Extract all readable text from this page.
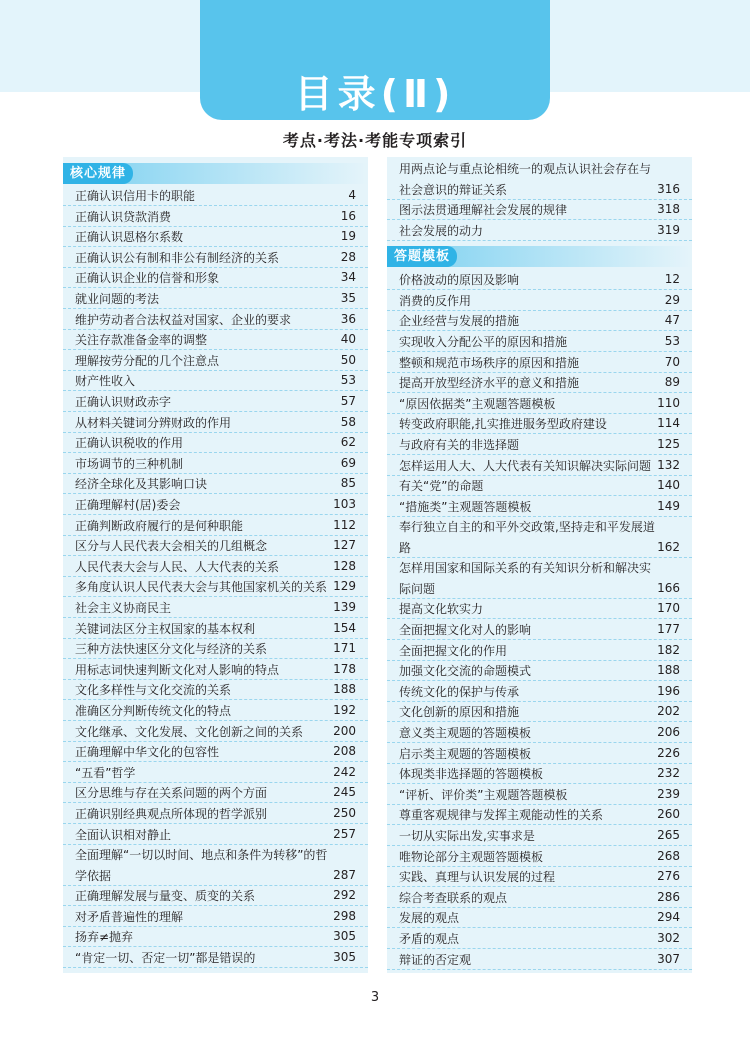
目录(Ⅱ)
考点·考法·考能专项索引
核心规律
正确认识信用卡的职能	4
正确认识贷款消费	16
正确认识恩格尔系数	19
正确认识公有制和非公有制经济的关系	28
正确认识企业的信誉和形象	34
就业问题的考法	35
维护劳动者合法权益对国家、企业的要求	36
关注存款准备金率的调整	40
理解按劳分配的几个注意点	50
财产性收入	53
正确认识财政赤字	57
从材料关键词分辨财政的作用	58
正确认识税收的作用	62
市场调节的三种机制	69
经济全球化及其影响口诀	85
正确理解村(居)委会	103
正确判断政府履行的是何种职能	112
区分与人民代表大会相关的几组概念	127
人民代表大会与人民、人大代表的关系	128
多角度认识人民代表大会与其他国家机关的关系 129
社会主义协商民主	139
关键词法区分主权国家的基本权利	154
三种方法快速区分文化与经济的关系	171
用标志词快速判断文化对人影响的特点	178
文化多样性与文化交流的关系	188
准确区分判断传统文化的特点	192
文化继承、文化发展、文化创新之间的关系	200
正确理解中华文化的包容性	208
“五看”哲学	242
区分思维与存在关系问题的两个方面	245
正确识别经典观点所体现的哲学派别	250
全面认识相对静止	257
全面理解“一切以时间、地点和条件为转移”的哲学依据	287
正确理解发展与量变、质变的关系	292
对矛盾普遍性的理解	298
扬弃≠抛弃	305
“肯定一切、否定一切”都是错误的	305
答题模板
用两点论与重点论相统一的观点认识社会存在与社会意识的辩证关系	316
图示法贯通理解社会发展的规律	318
社会发展的动力	319
价格波动的原因及影响	12
消费的反作用	29
企业经营与发展的措施	47
实现收入分配公平的原因和措施	53
整顿和规范市场秩序的原因和措施	70
提高开放型经济水平的意义和措施	89
“原因依据类”主观题答题模板	110
转变政府职能,扎实推进服务型政府建设	114
与政府有关的非选择题	125
怎样运用人大、人大代表有关知识解决实际问题 132
有关“党”的命题	140
“措施类”主观题答题模板	149
奉行独立自主的和平外交政策,坚持走和平发展道路	162
怎样用国家和国际关系的有关知识分析和解决实际问题	166
提高文化软实力	170
全面把握文化对人的影响	177
全面把握文化的作用	182
加强文化交流的命题模式	188
传统文化的保护与传承	196
文化创新的原因和措施	202
意义类主观题的答题模板	206
启示类主观题的答题模板	226
体现类非选择题的答题模板	232
“评析、评价类”主观题答题模板	239
尊重客观规律与发挥主观能动性的关系	260
一切从实际出发,实事求是	265
唯物论部分主观题答题模板	268
实践、真理与认识发展的过程	276
综合考查联系的观点	286
发展的观点	294
矛盾的观点	302
辩证的否定观	307
3
